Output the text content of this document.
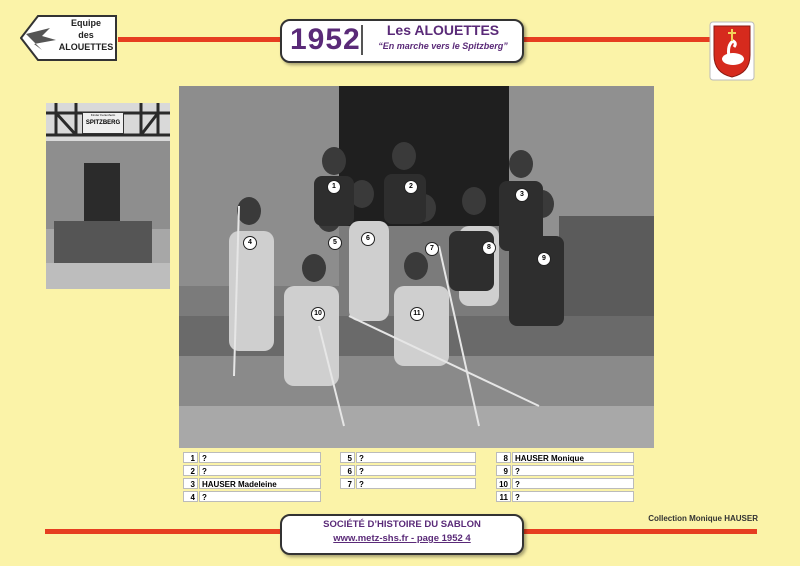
Equipe
des
ALOUETTES	1952	Les ALOUETTES
“En marche vers le Spitzberg”
Kinder Ferienheim
SPITZBERG
1	2
3
4	5
6
7	8
9
10	11
1 ?
2 ?
3 HAUSER Madeleine
4 ?
5 ?
6 ?
7 ?
8 HAUSER Monique
9 ?
10 ?
11 ?
SOCIÉTÉ D’HISTOIRE DU SABLON
www.metz-shs.fr - page 1952 4
Collection Monique HAUSER
